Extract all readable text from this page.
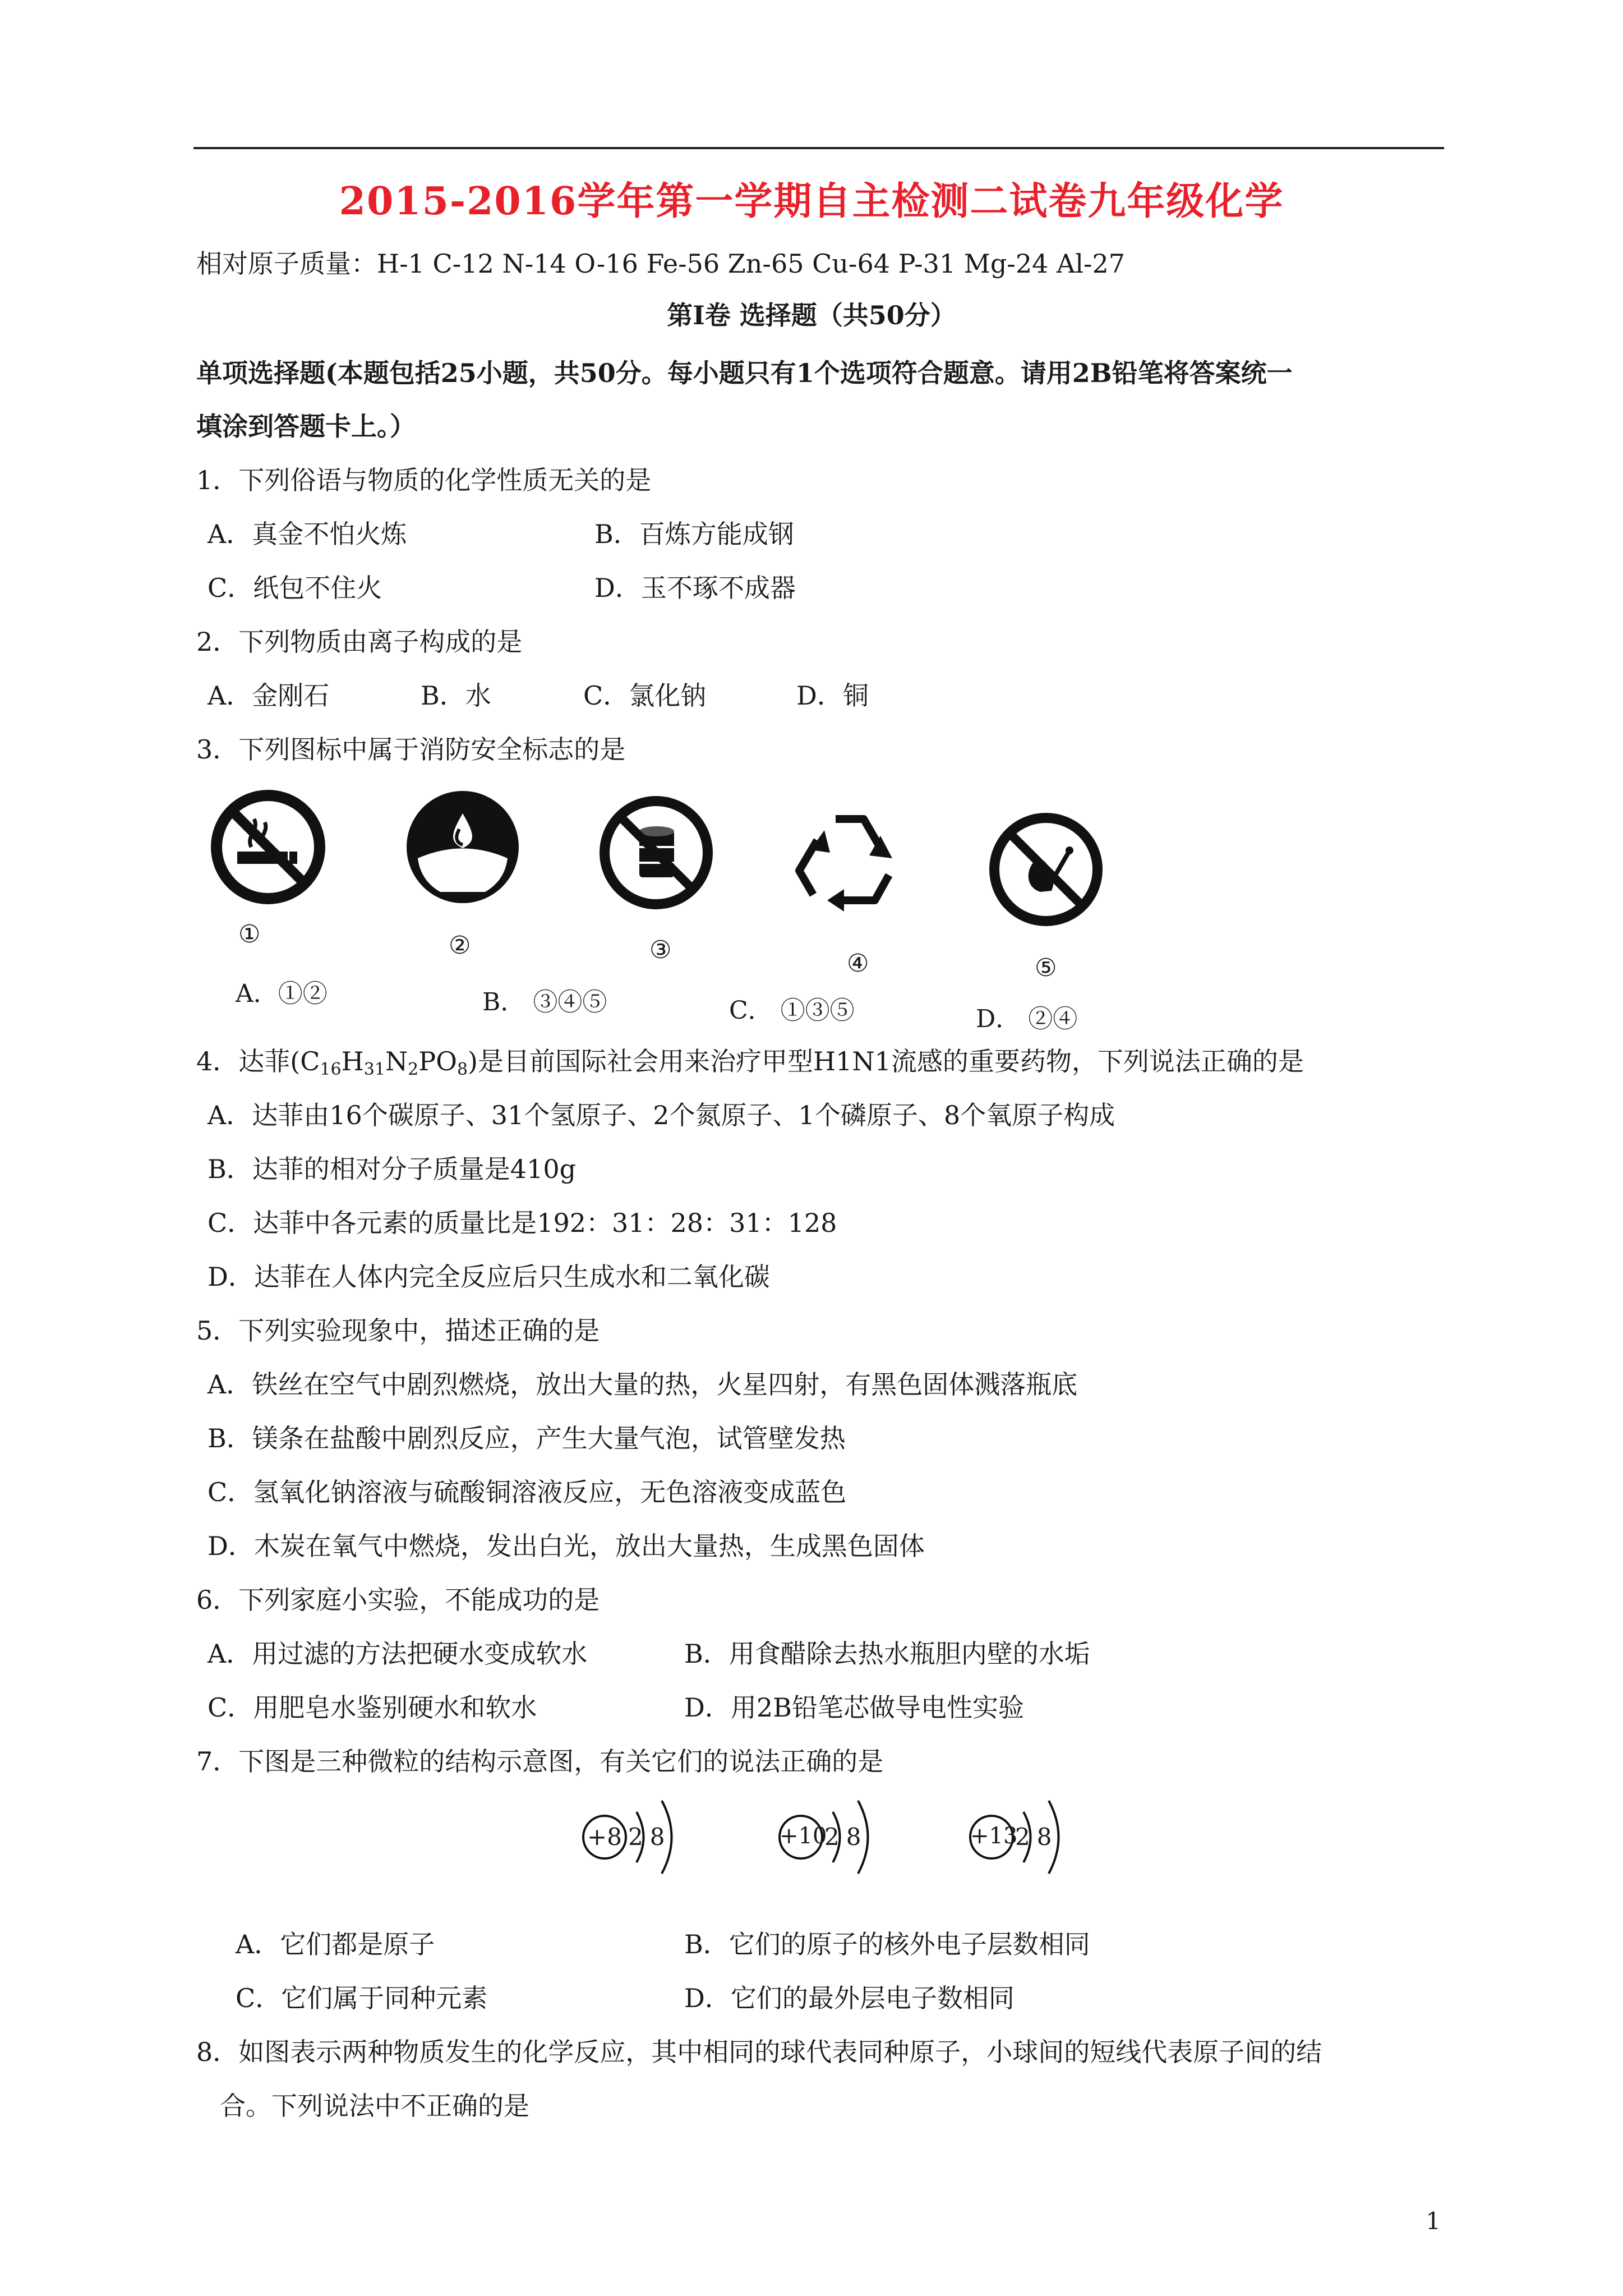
2015-2016学年第一学期自主检测二试卷九年级化学
相对原子质量：H-1 C-12 N-14 O-16 Fe-56 Zn-65 Cu-64 P-31 Mg-24 Al-27
第Ⅰ卷 选择题（共50分）
单项选择题(本题包括25小题，共50分。每小题只有1个选项符合题意。请用2B铅笔将答案统一
填涂到答题卡上。）
1．下列俗语与物质的化学性质无关的是
A．真金不怕火炼	B．百炼方能成钢
C．纸包不住火	D．玉不琢不成器
2．下列物质由离子构成的是
A．金刚石	B．水	C．氯化钠	D．铜
3．下列图标中属于消防安全标志的是
①	②	③	④	⑤
A．①②	B． ③④⑤	C． ①③⑤	D． ②④
4．达菲$(C_{16}H_{31}N_2PO_8)$是目前国际社会用来治疗甲型H1N1流感的重要药物，下列说法正确的是
A．达菲由16个碳原子、31个氢原子、2个氮原子、1个磷原子、8个氧原子构成
B．达菲的相对分子质量是410g
C．达菲中各元素的质量比是192：31：28：31：128
D．达菲在人体内完全反应后只生成水和二氧化碳
5．下列实验现象中，描述正确的是
A．铁丝在空气中剧烈燃烧，放出大量的热，火星四射，有黑色固体溅落瓶底
B．镁条在盐酸中剧烈反应，产生大量气泡，试管壁发热
C．氢氧化钠溶液与硫酸铜溶液反应，无色溶液变成蓝色
D．木炭在氧气中燃烧，发出白光，放出大量热，生成黑色固体
6．下列家庭小实验，不能成功的是
A．用过滤的方法把硬水变成软水	B．用食醋除去热水瓶胆内壁的水垢
C．用肥皂水鉴别硬水和软水	D．用2B铅笔芯做导电性实验
7．下图是三种微粒的结构示意图，有关它们的说法正确的是
+8 28	+10
28	+13
28
A．它们都是原子	B．它们的原子的核外电子层数相同
C．它们属于同种元素	D．它们的最外层电子数相同
8．如图表示两种物质发生的化学反应，其中相同的球代表同种原子，小球间的短线代表原子间的结
合。下列说法中不正确的是
1
